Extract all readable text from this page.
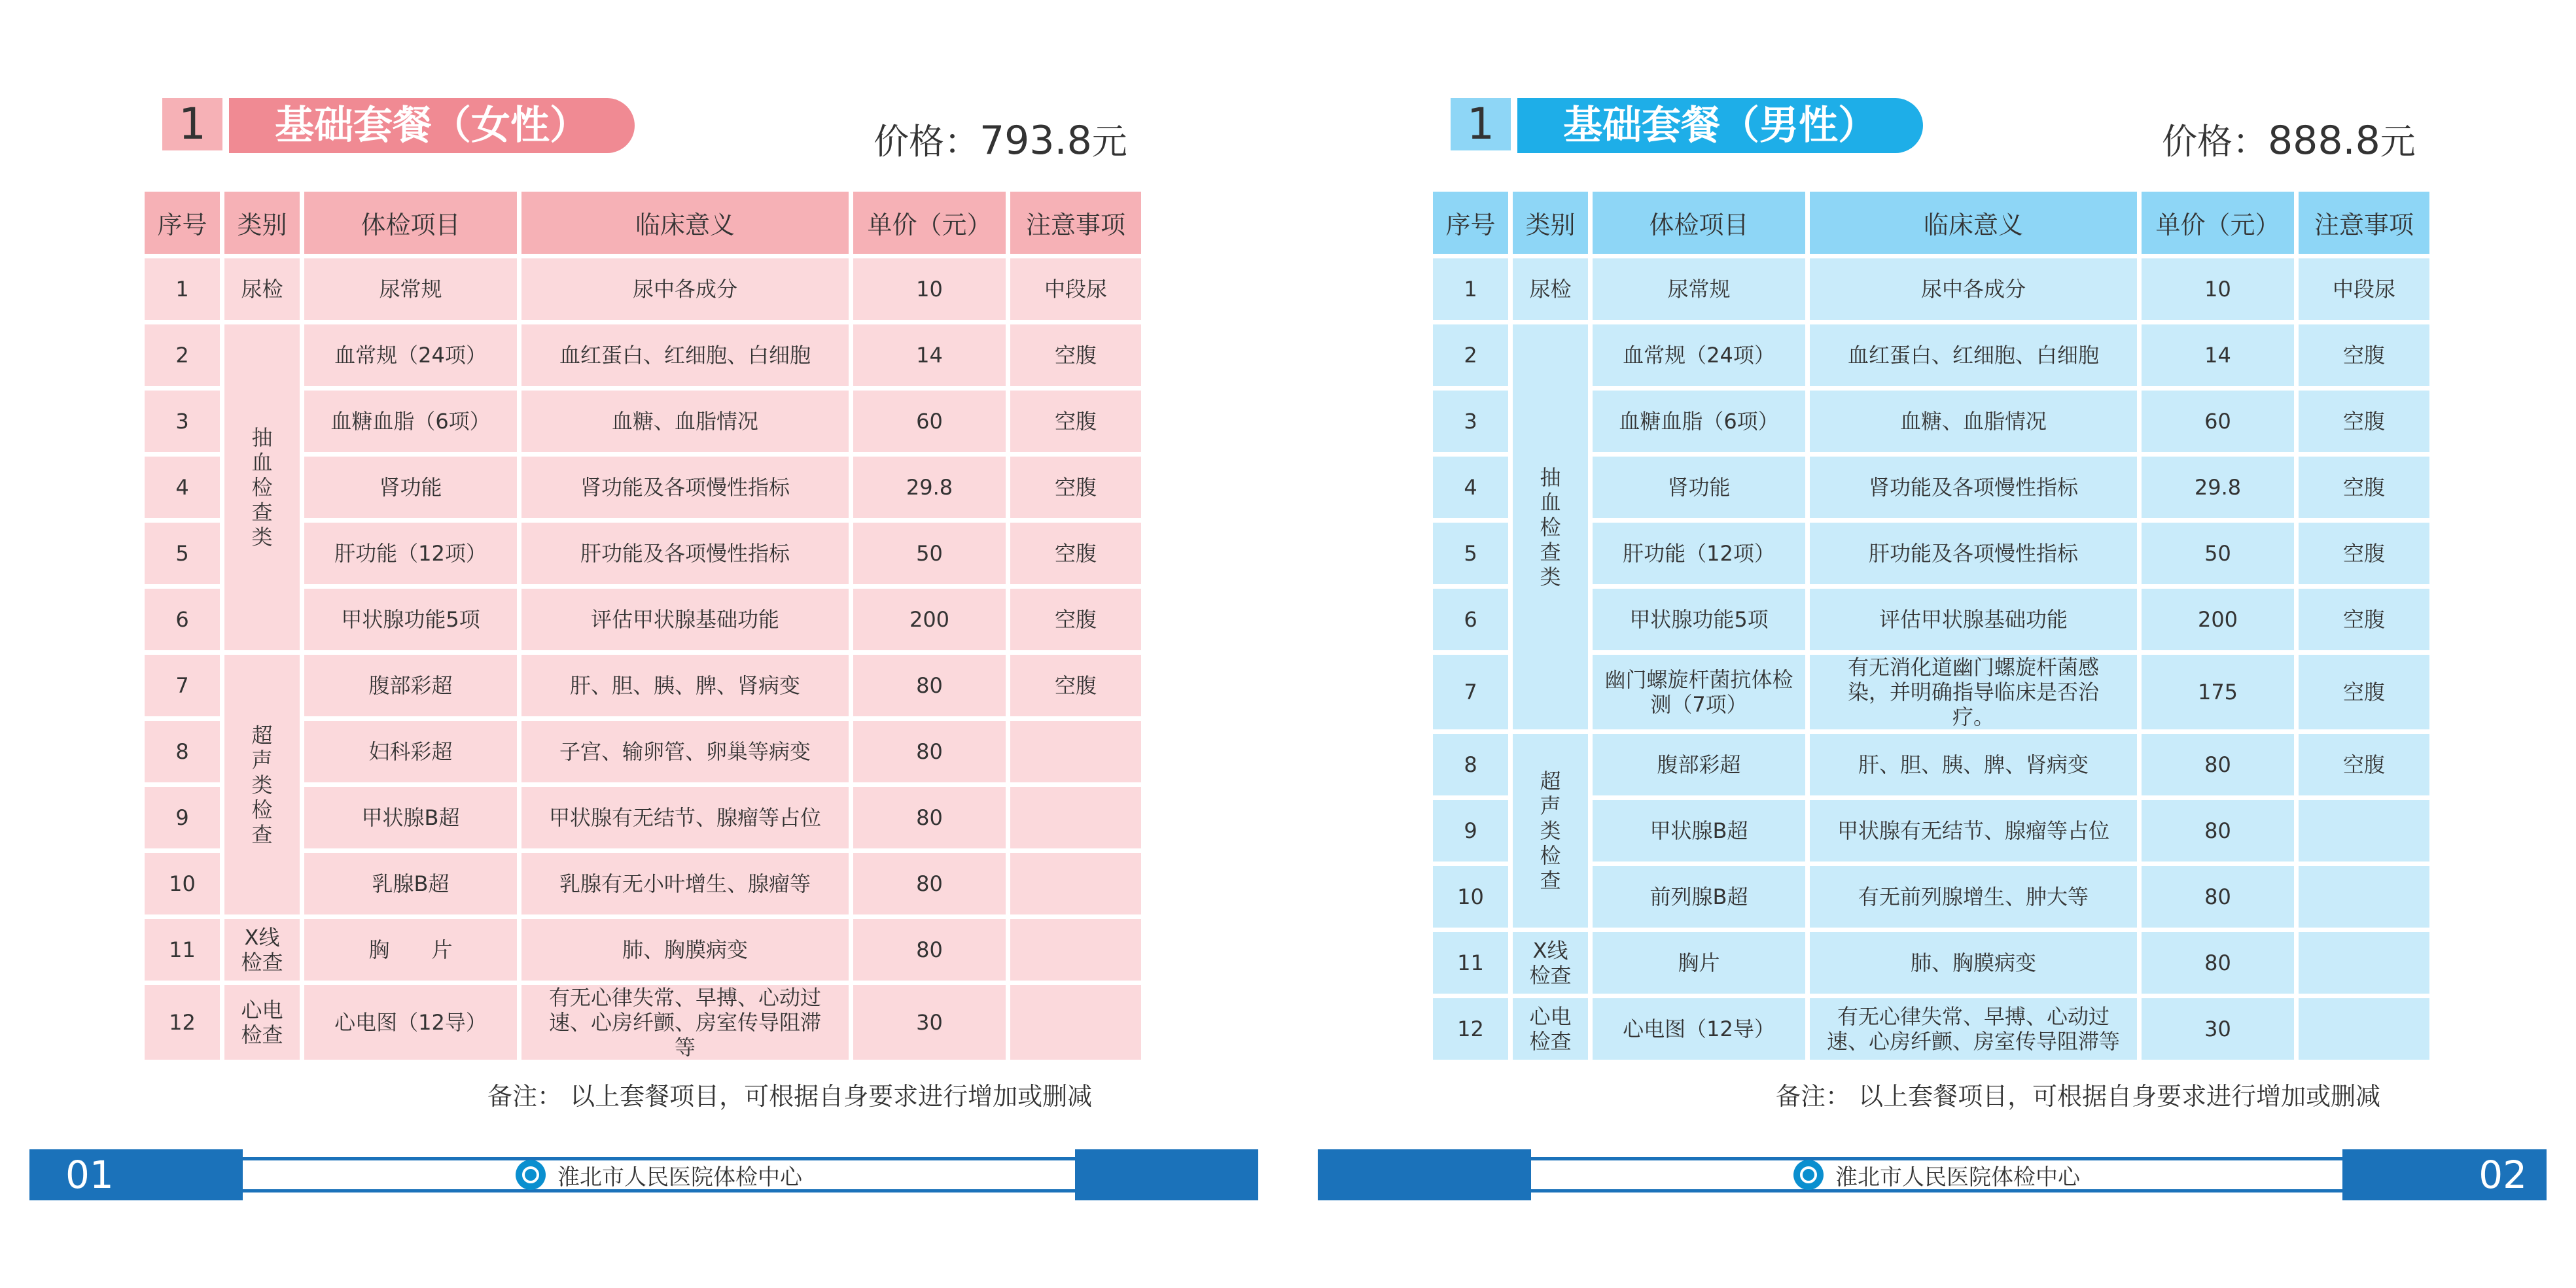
1	基础套餐（女性）	价格：793.8元
序号	类别	体检项目	临床意义	单价（元）	注意事项
1	尿检	尿常规	尿中各成分	10	中段尿
2	抽血检查类	血常规（24项）	血红蛋白、红细胞、白细胞	14	空腹
3		血糖血脂（6项）	血糖、血脂情况	60	空腹
4		肾功能	肾功能及各项慢性指标	29.8	空腹
5		肝功能（12项）	肝功能及各项慢性指标	50	空腹
6		甲状腺功能5项	评估甲状腺基础功能	200	空腹
7	超声类检查	腹部彩超	肝、胆、胰、脾、肾病变	80	空腹
8		妇科彩超	子宫、输卵管、卵巢等病变	80	
9		甲状腺B超	甲状腺有无结节、腺瘤等占位	80	
10		乳腺B超	乳腺有无小叶增生、腺瘤等	80	
11	X线检查	胸　　片	肺、胸膜病变	80	
12	心电检查	心电图（12导）	有无心律失常、早搏、心动过速、心房纤颤、房室传导阻滞等	30	
备注： 以上套餐项目，可根据自身要求进行增加或删减
01	淮北市人民医院体检中心
1	基础套餐（男性）	价格：888.8元
序号	类别	体检项目	临床意义	单价（元）	注意事项
1	尿检	尿常规	尿中各成分	10	中段尿
2	抽血检查类	血常规（24项）	血红蛋白、红细胞、白细胞	14	空腹
3		血糖血脂（6项）	血糖、血脂情况	60	空腹
4		肾功能	肾功能及各项慢性指标	29.8	空腹
5		肝功能（12项）	肝功能及各项慢性指标	50	空腹
6		甲状腺功能5项	评估甲状腺基础功能	200	空腹
7		幽门螺旋杆菌抗体检测（7项）	有无消化道幽门螺旋杆菌感染，并明确指导临床是否治疗。	175	空腹
8	超声类检查	腹部彩超	肝、胆、胰、脾、肾病变	80	空腹
9		甲状腺B超	甲状腺有无结节、腺瘤等占位	80	
10		前列腺B超	有无前列腺增生、肿大等	80	
11	X线检查	胸片	肺、胸膜病变	80	
12	心电检查	心电图（12导）	有无心律失常、早搏、心动过速、心房纤颤、房室传导阻滞等	30	
备注： 以上套餐项目，可根据自身要求进行增加或删减
淮北市人民医院体检中心	02
